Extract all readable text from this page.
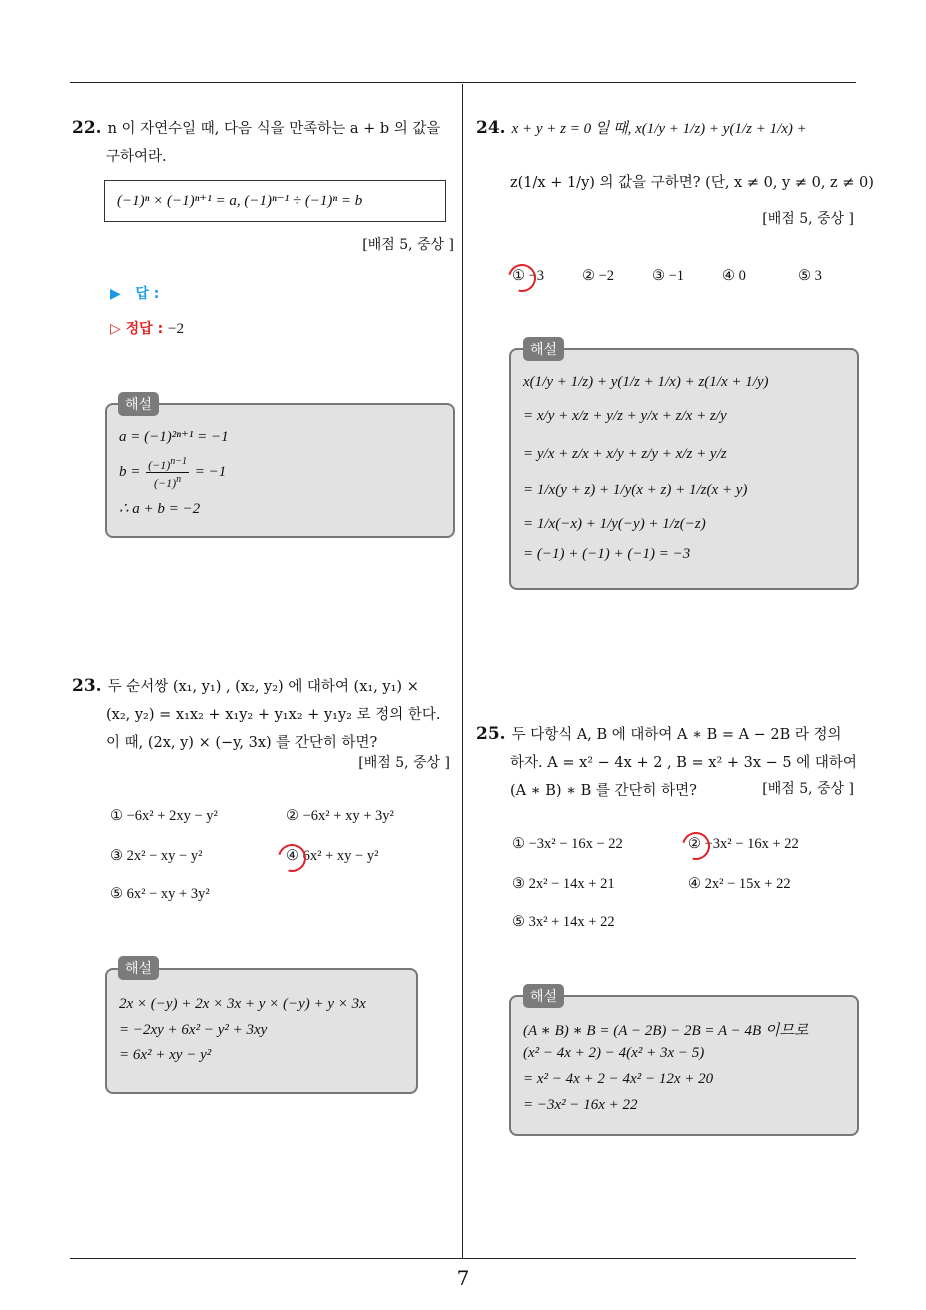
7
22. n 이 자연수일 때, 다음 식을 만족하는 a + b 의 값을
구하여라.
(−1)ⁿ × (−1)ⁿ⁺¹ = a, (−1)ⁿ⁻¹ ÷ (−1)ⁿ = b
[배점 5, 중상 ]
▶   답 :
▷ 정답 : −2
a = (−1)²ⁿ⁺¹ = −1
$b = \frac{(-1)^{n-1}}{(-1)^n} = -1$
∴ a + b = −2
해설
23. 두 순서쌍 (x₁, y₁) , (x₂, y₂) 에 대하여 (x₁, y₁) ×
(x₂, y₂) = x₁x₂ + x₁y₂ + y₁x₂ + y₁y₂ 로 정의 한다.
이 때, (2x, y) × (−y, 3x) 를 간단히 하면?
[배점 5, 중상 ]
① −6x² + 2xy − y²	② −6x² + xy + 3y²
③ 2x² − xy − y²	④ 6x² + xy − y²
⑤ 6x² − xy + 3y²
2x × (−y) + 2x × 3x + y × (−y) + y × 3x
= −2xy + 6x² − y² + 3xy
= 6x² + xy − y²
해설
24. x + y + z = 0 일 때, x(1/y + 1/z) + y(1/z + 1/x) +
z(1/x + 1/y) 의 값을 구하면? (단, x ≠ 0, y ≠ 0, z ≠ 0)
[배점 5, 중상 ]
① −3	② −2	③ −1	④ 0	⑤ 3
x(1/y + 1/z) + y(1/z + 1/x) + z(1/x + 1/y)
= x/y + x/z + y/z + y/x + z/x + z/y
= y/x + z/x + x/y + z/y + x/z + y/z
= 1/x(y + z) + 1/y(x + z) + 1/z(x + y)
= 1/x(−x) + 1/y(−y) + 1/z(−z)
= (−1) + (−1) + (−1) = −3
해설
25. 두 다항식 A, B 에 대하여 A ∗ B = A − 2B 라 정의
하자. A = x² − 4x + 2 , B = x² + 3x − 5 에 대하여
(A ∗ B) ∗ B 를 간단히 하면?	[배점 5, 중상 ]
① −3x² − 16x − 22	② −3x² − 16x + 22
③ 2x² − 14x + 21	④ 2x² − 15x + 22
⑤ 3x² + 14x + 22
(A ∗ B) ∗ B = (A − 2B) − 2B = A − 4B 이므로
(x² − 4x + 2) − 4(x² + 3x − 5)
= x² − 4x + 2 − 4x² − 12x + 20
= −3x² − 16x + 22
해설
